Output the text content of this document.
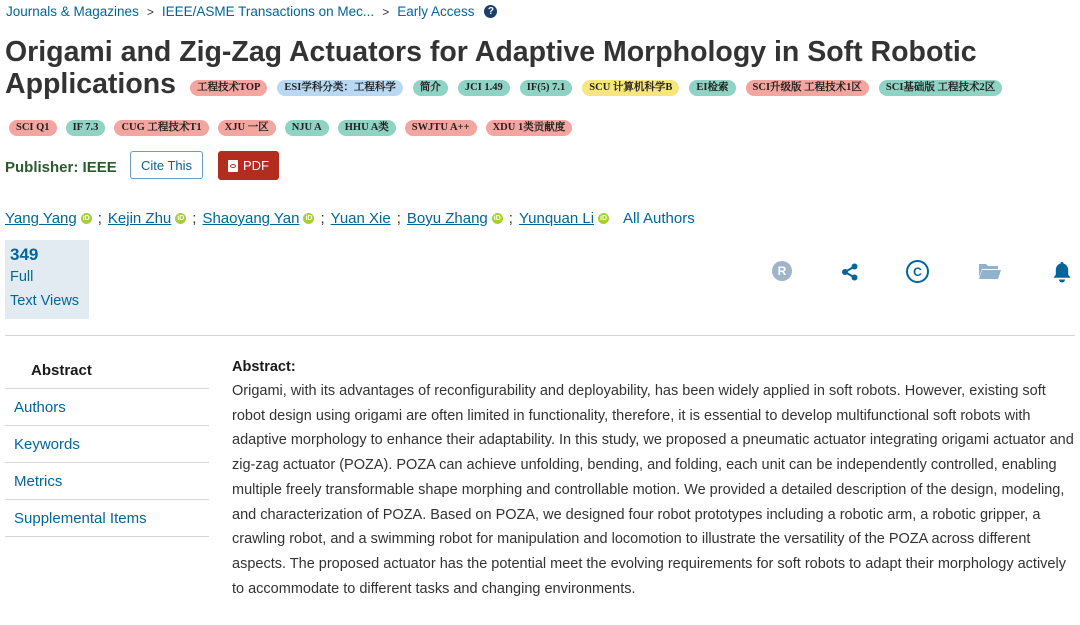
Journals & Magazines > IEEE/ASME Transactions on Mec... > Early Access	?
Origami and Zig-Zag Actuators for Adaptive Morphology in Soft Robotic
Applications	工程技术TOP	ESI学科分类：工程科学	简介	JCI 1.49	IF(5) 7.1	SCU 计算机科学B	EI检索	SCI升级版 工程技术1区	SCI基础版 工程技术2区
SCI Q1	IF 7.3	CUG 工程技术T1	XJU 一区	NJU A	HHU A类	SWJTU A++	XDU 1类贡献度
Publisher: IEEE	Cite This	PDF
Yang Yang iD ; Kejin Zhu iD ; Shaoyang Yan iD ; Yuan Xie ; Boyu Zhang iD ; Yunquan Li iD All Authors
349
Full
Text Views
R	C
Abstract
Authors
Keywords
Metrics
Supplemental Items

Abstract:

Origami, with its advantages of reconfigurability and deployability, has been widely applied in soft robots. However, existing soft robot design using origami are often limited in functionality, therefore, it is essential to develop multifunctional soft robots with adaptive morphology to enhance their adaptability. In this study, we proposed a pneumatic actuator integrating origami actuator and zig-zag actuator (POZA). POZA can achieve unfolding, bending, and folding, each unit can be independently controlled, enabling multiple freely transformable shape morphing and controllable motion. We provided a detailed description of the design, modeling, and characterization of POZA. Based on POZA, we designed four robot prototypes including a robotic arm, a robotic gripper, a crawling robot, and a swimming robot for manipulation and locomotion to illustrate the versatility of the POZA across different aspects. The proposed actuator has the potential meet the evolving requirements for soft robots to adapt their morphology actively to accommodate to different tasks and changing environments.
